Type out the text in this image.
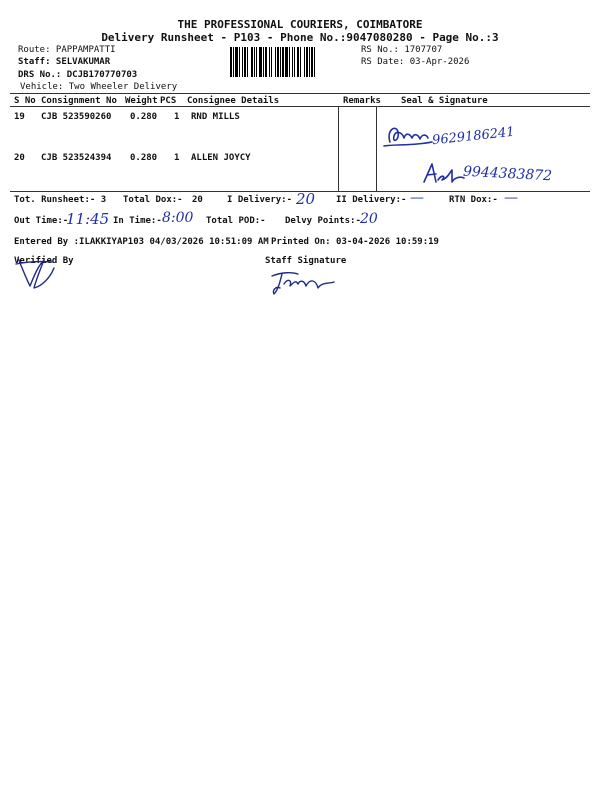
THE PROFESSIONAL COURIERS, COIMBATORE
Delivery Runsheet - P103 - Phone No.:9047080280 - Page No.:3
Route: PAPPAMPATTI
Staff: SELVAKUMAR
DRS No.: DCJB170770703
Vehicle: Two Wheeler Delivery
RS No.: 1707707
RS Date: 03-Apr-2026
S No Consignment No Weight PCS Consignee Details	Remarks Seal & Signature
19 CJB 523590260 0.280 1 RND MILLS
9629186241
20 CJB 523524394 0.280 1 ALLEN JOYCY
9944383872
Tot. Runsheet:- 3 Total Dox:- 20	I Delivery:- 20 II Delivery:- —	RTN Dox:- —
Out Time:-
11:45 In Time:- 8:00 Total POD:- Delvy Points:- 20
Entered By :ILAKKIYAP103 04/03/2026 10:51:09 AM Printed On: 03-04-2026 10:59:19
Verified By	Staff Signature
